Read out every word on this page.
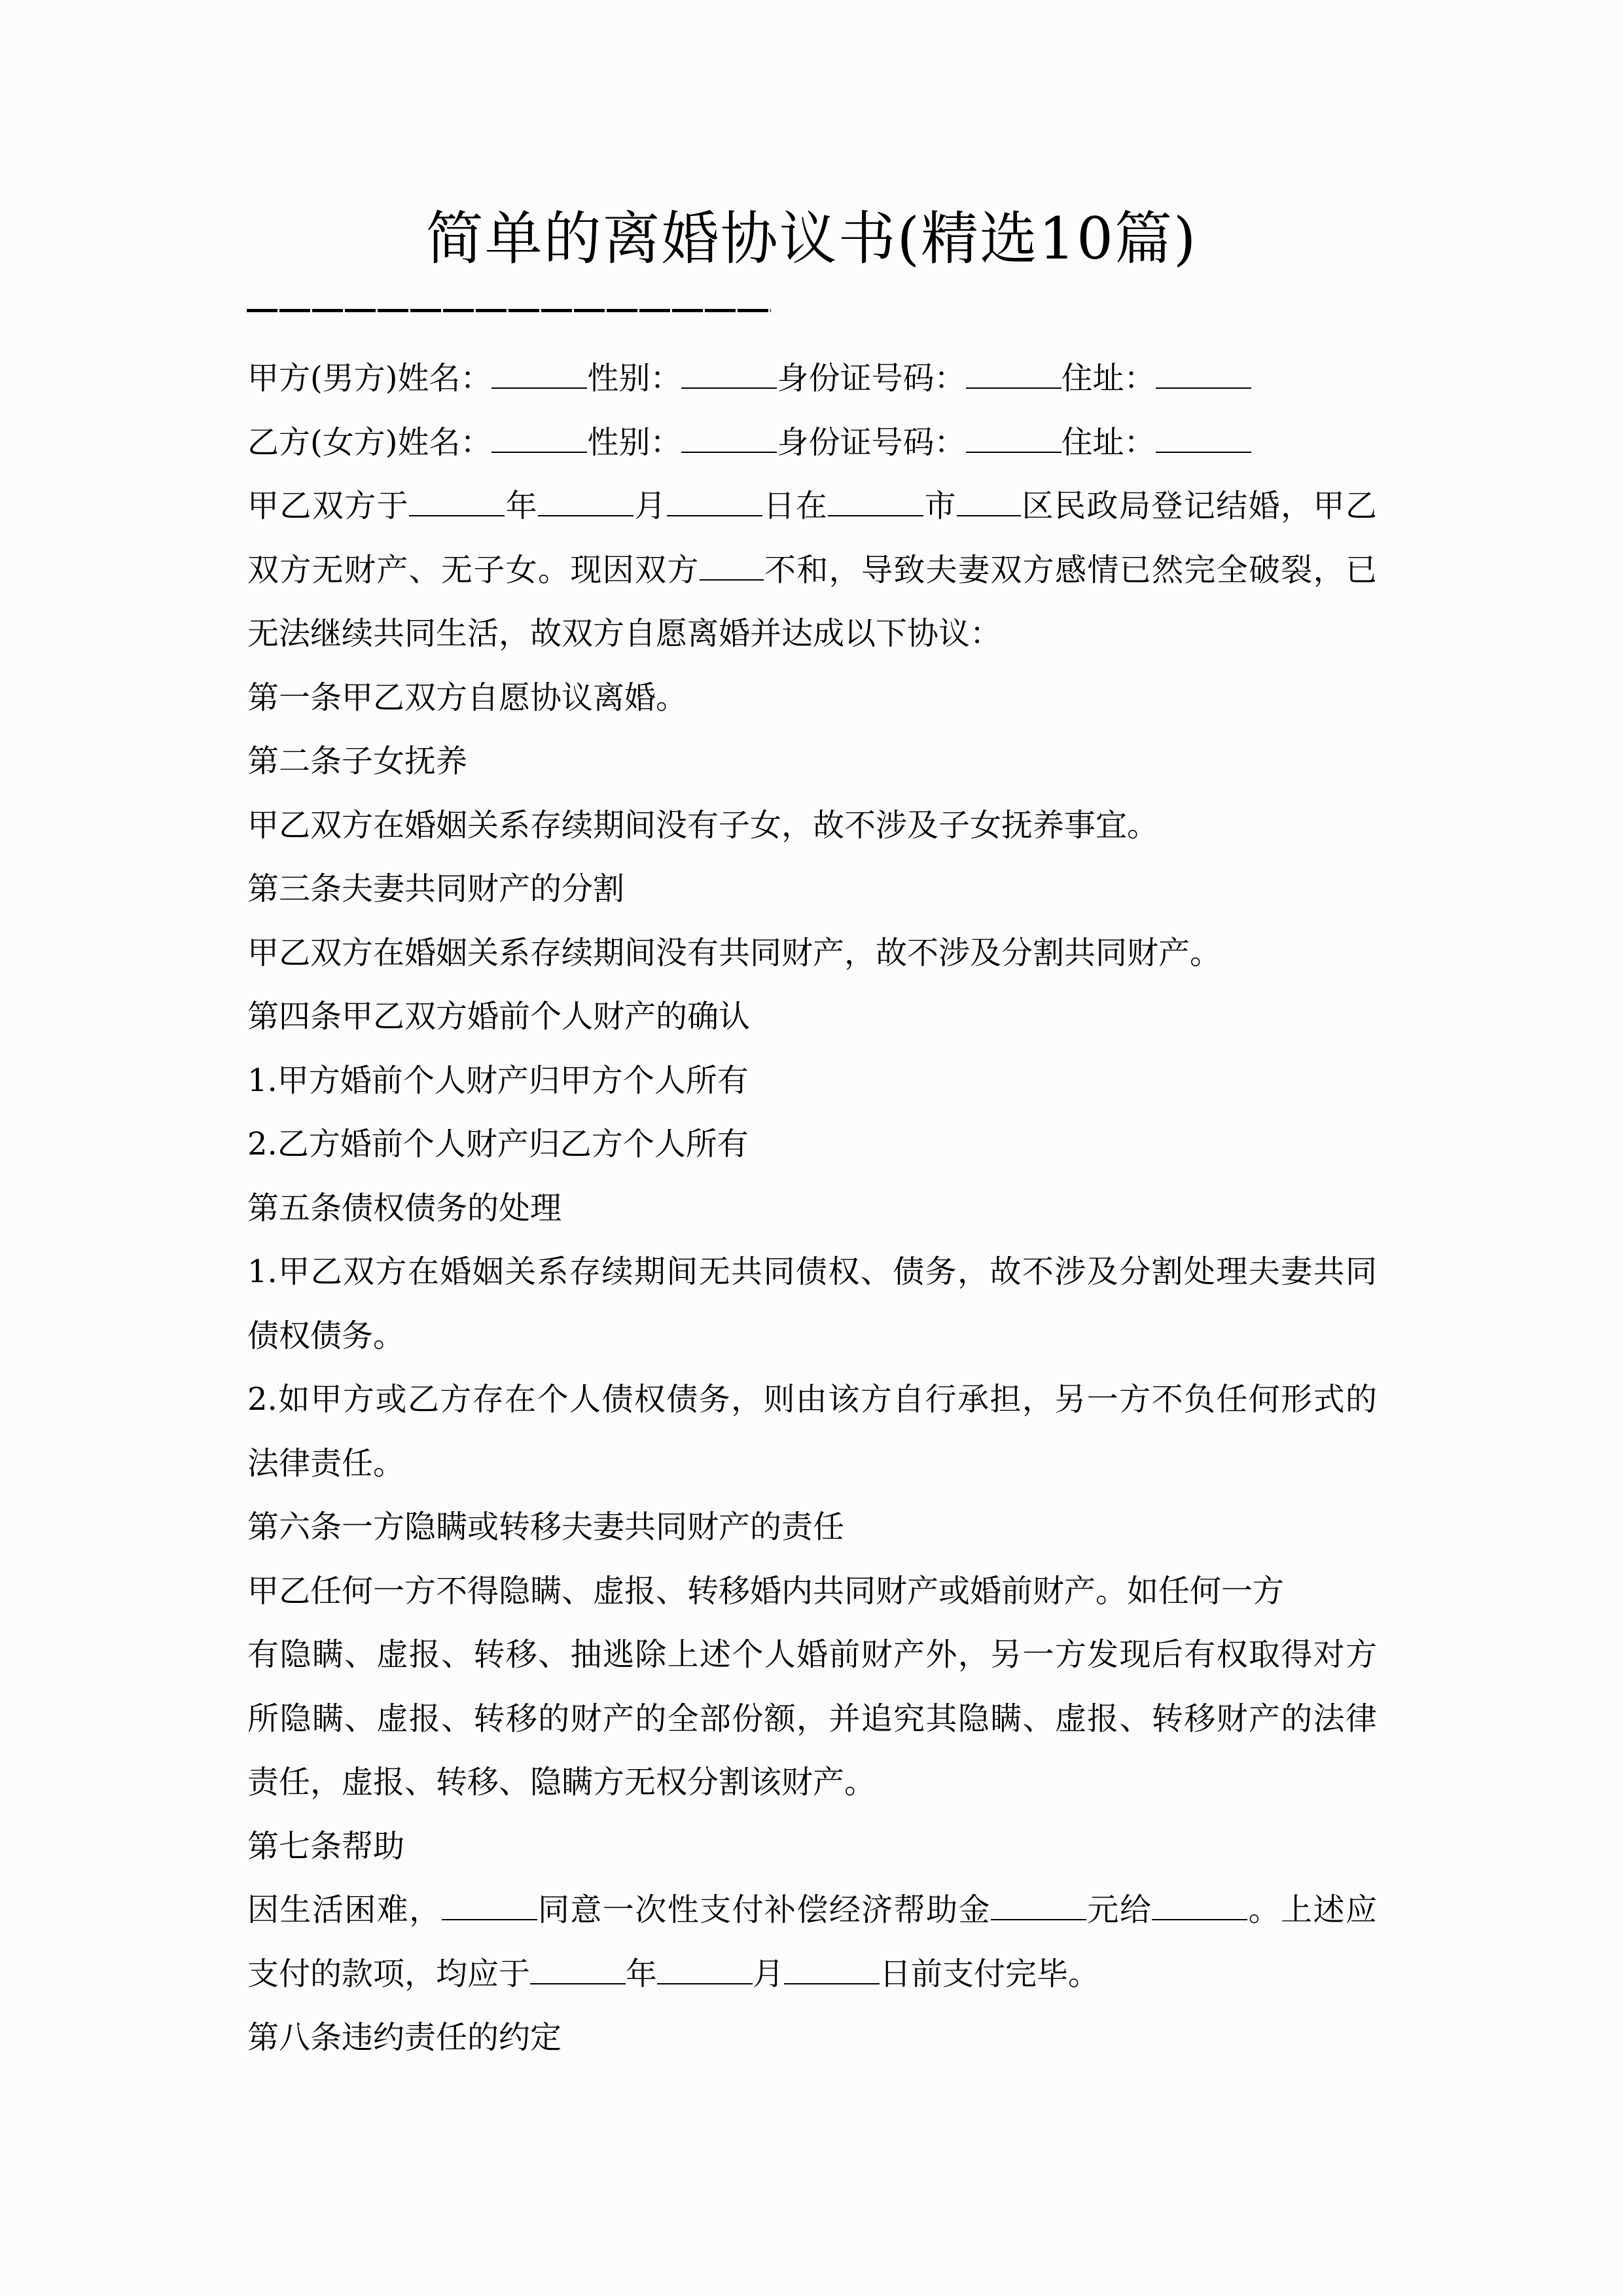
简单的离婚协议书(精选10篇)
甲方(男方)姓名：	性别：	身份证号码：	住址：
乙方(女方)姓名：	性别：	身份证号码：	住址：
甲乙双方于	年	月	日在	市 区民政局登记结婚，甲乙
双方无财产、无子女。现因双方 不和，导致夫妻双方感情已然完全破裂，已
无法继续共同生活，故双方自愿离婚并达成以下协议：
第一条甲乙双方自愿协议离婚。
第二条子女抚养
甲乙双方在婚姻关系存续期间没有子女，故不涉及子女抚养事宜。
第三条夫妻共同财产的分割
甲乙双方在婚姻关系存续期间没有共同财产，故不涉及分割共同财产。
第四条甲乙双方婚前个人财产的确认
1.甲方婚前个人财产归甲方个人所有
2.乙方婚前个人财产归乙方个人所有
第五条债权债务的处理
1.甲乙双方在婚姻关系存续期间无共同债权、债务，故不涉及分割处理夫妻共同
债权债务。
2.如甲方或乙方存在个人债权债务，则由该方自行承担，另一方不负任何形式的
法律责任。
第六条一方隐瞒或转移夫妻共同财产的责任
甲乙任何一方不得隐瞒、虚报、转移婚内共同财产或婚前财产。如任何一方
有隐瞒、虚报、转移、抽逃除上述个人婚前财产外，另一方发现后有权取得对方
所隐瞒、虚报、转移的财产的全部份额，并追究其隐瞒、虚报、转移财产的法律
责任，虚报、转移、隐瞒方无权分割该财产。
第七条帮助
因生活困难，	同意一次性支付补偿经济帮助金	元给	。上述应
支付的款项，均应于	年	月	日前支付完毕。
第八条违约责任的约定
